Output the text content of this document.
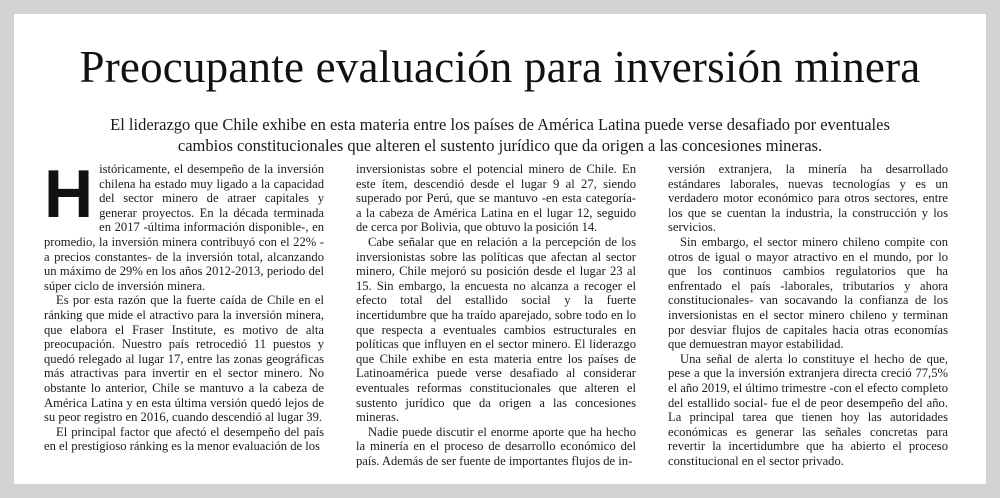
Preocupante evaluación para inversión minera

El liderazgo que Chile exhibe en esta materia entre los países de América Latina puede verse desafiado por eventuales cambios constitucionales que alteren el sustento jurídico que da origen a las concesiones mineras.

H istóricamente, el desempeño de la inversión chilena ha estado muy ligado a la capacidad del sector minero de atraer capitales y generar proyectos. En la década terminada en 2017 -última información disponible-, en promedio, la inversión minera contribuyó con el 22% -a precios constantes- de la inversión total, alcanzando un máximo de 29% en los años 2012-2013, periodo del súper ciclo de inversión minera.

Es por esta razón que la fuerte caída de Chile en el ránking que mide el atractivo para la inversión minera, que elabora el Fraser Institute, es motivo de alta preocupación. Nuestro país retrocedió 11 puestos y quedó relegado al lugar 17, entre las zonas geográficas más atractivas para invertir en el sector minero. No obstante lo anterior, Chile se mantuvo a la cabeza de América Latina y en esta última versión quedó lejos de su peor registro en 2016, cuando descendió al lugar 39.

El principal factor que afectó el desempeño del país en el prestigioso ránking es la menor evaluación de los

inversionistas sobre el potencial minero de Chile. En este ítem, descendió desde el lugar 9 al 27, siendo superado por Perú, que se mantuvo -en esta categoría- a la cabeza de América Latina en el lugar 12, seguido de cerca por Bolivia, que obtuvo la posición 14.

Cabe señalar que en relación a la percepción de los inversionistas sobre las políticas que afectan al sector minero, Chile mejoró su posición desde el lugar 23 al 15. Sin embargo, la encuesta no alcanza a recoger el efecto total del estallido social y la fuerte incertidumbre que ha traído aparejado, sobre todo en lo que respecta a eventuales cambios estructurales en políticas que influyen en el sector minero. El liderazgo que Chile exhibe en esta materia entre los países de Latinoamérica puede verse desafiado al considerar eventuales reformas constitucionales que alteren el sustento jurídico que da origen a las concesiones mineras.

Nadie puede discutir el enorme aporte que ha hecho la minería en el proceso de desarrollo económico del país. Además de ser fuente de importantes flujos de in-

versión extranjera, la minería ha desarrollado estándares laborales, nuevas tecnologías y es un verdadero motor económico para otros sectores, entre los que se cuentan la industria, la construcción y los servicios.

Sin embargo, el sector minero chileno compite con otros de igual o mayor atractivo en el mundo, por lo que los continuos cambios regulatorios que ha enfrentado el país -laborales, tributarios y ahora constitucionales- van socavando la confianza de los inversionistas en el sector minero chileno y terminan por desviar flujos de capitales hacia otras economías que demuestran mayor estabilidad.

Una señal de alerta lo constituye el hecho de que, pese a que la inversión extranjera directa creció 77,5% el año 2019, el último trimestre -con el efecto completo del estallido social- fue el de peor desempeño del año. La principal tarea que tienen hoy las autoridades económicas es generar las señales concretas para revertir la incertidumbre que ha abierto el proceso constitucional en el sector privado.
